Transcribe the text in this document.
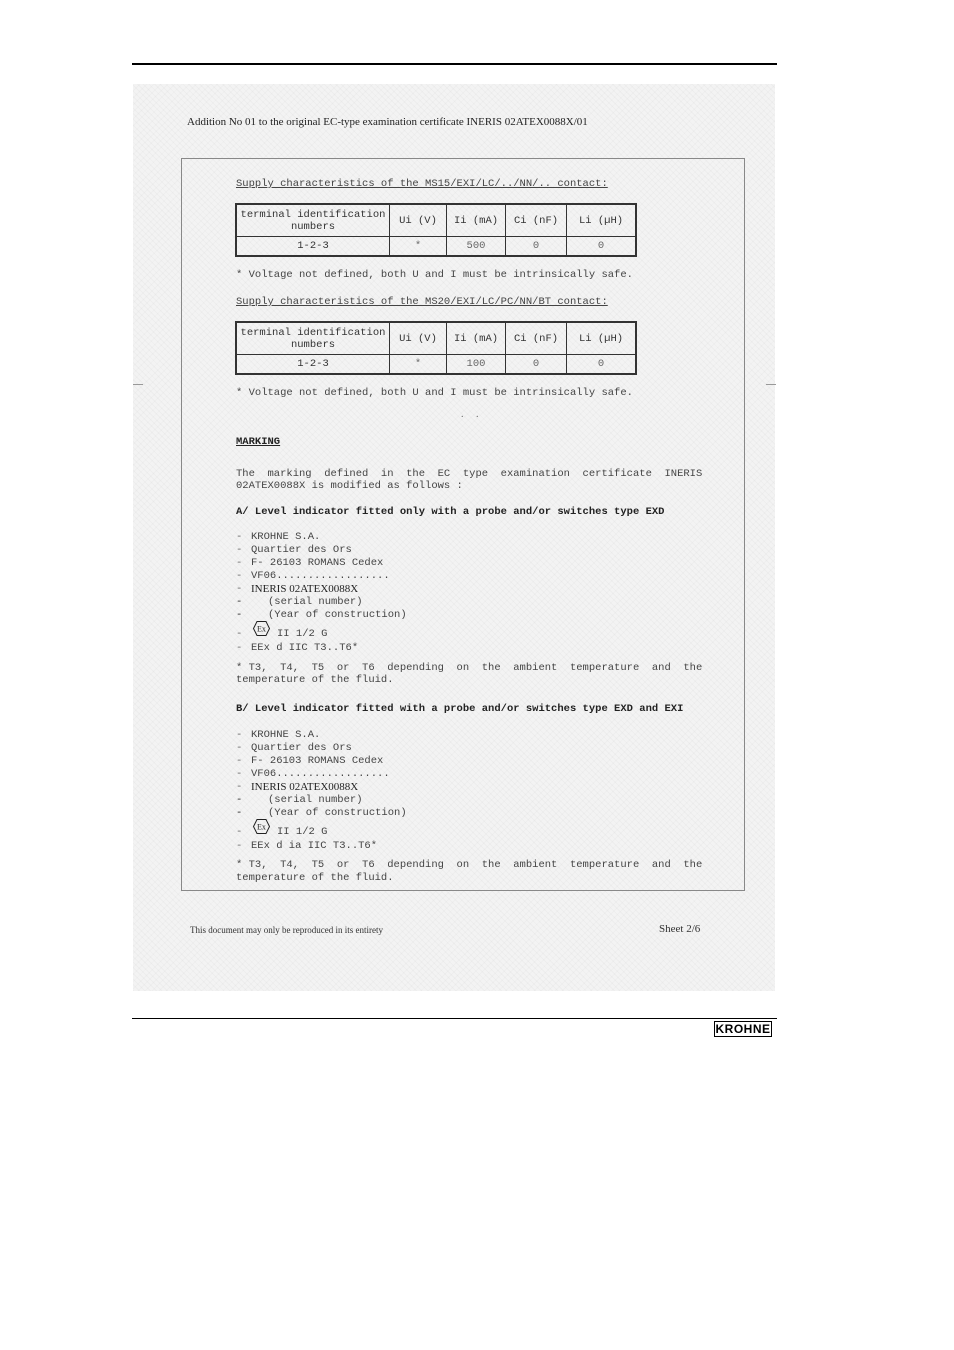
Addition No 01 to the original EC-type examination certificate INERIS 02ATEX0088X/01
Supply characteristics of the MS15/EXI/LC/../NN/.. contact:
terminal identification
numbers	Ui (V)	Ii (mA)	Ci (nF)	Li (µH)
1-2-3	*	500	0	0
* Voltage not defined, both U and I must be intrinsically safe.
Supply characteristics of the MS20/EXI/LC/PC/NN/BT contact:
terminal identification
numbers	Ui (V)	Ii (mA)	Ci (nF)	Li (µH)
1-2-3	*	100	0	0
* Voltage not defined, both U and I must be intrinsically safe.
. .
MARKING
The  marking  defined  in  the  EC  type  examination  certificate  INERIS
02ATEX0088X is modified as follows :
A/ Level indicator fitted only with a probe and/or switches type EXD
- KROHNE S.A.
- Quartier des Ors
- F- 26103 ROMANS Cedex
- VF06..................
- INERIS 02ATEX0088X
- (serial number)
- (Year of construction)
- Ex II 1/2 G
- EEx d IIC T3..T6*
* T3,  T4,  T5  or  T6  depending  on  the  ambient  temperature  and  the
temperature of the fluid.
B/ Level indicator fitted with a probe and/or switches type EXD and EXI
- KROHNE S.A.
- Quartier des Ors
- F- 26103 ROMANS Cedex
- VF06..................
- INERIS 02ATEX0088X
- (serial number)
- (Year of construction)
- Ex II 1/2 G
- EEx d ia IIC T3..T6*
* T3,  T4,  T5  or  T6  depending  on  the  ambient  temperature  and  the
temperature of the fluid.
This document may only be reproduced in its entirety	Sheet 2/6
KROHNE
